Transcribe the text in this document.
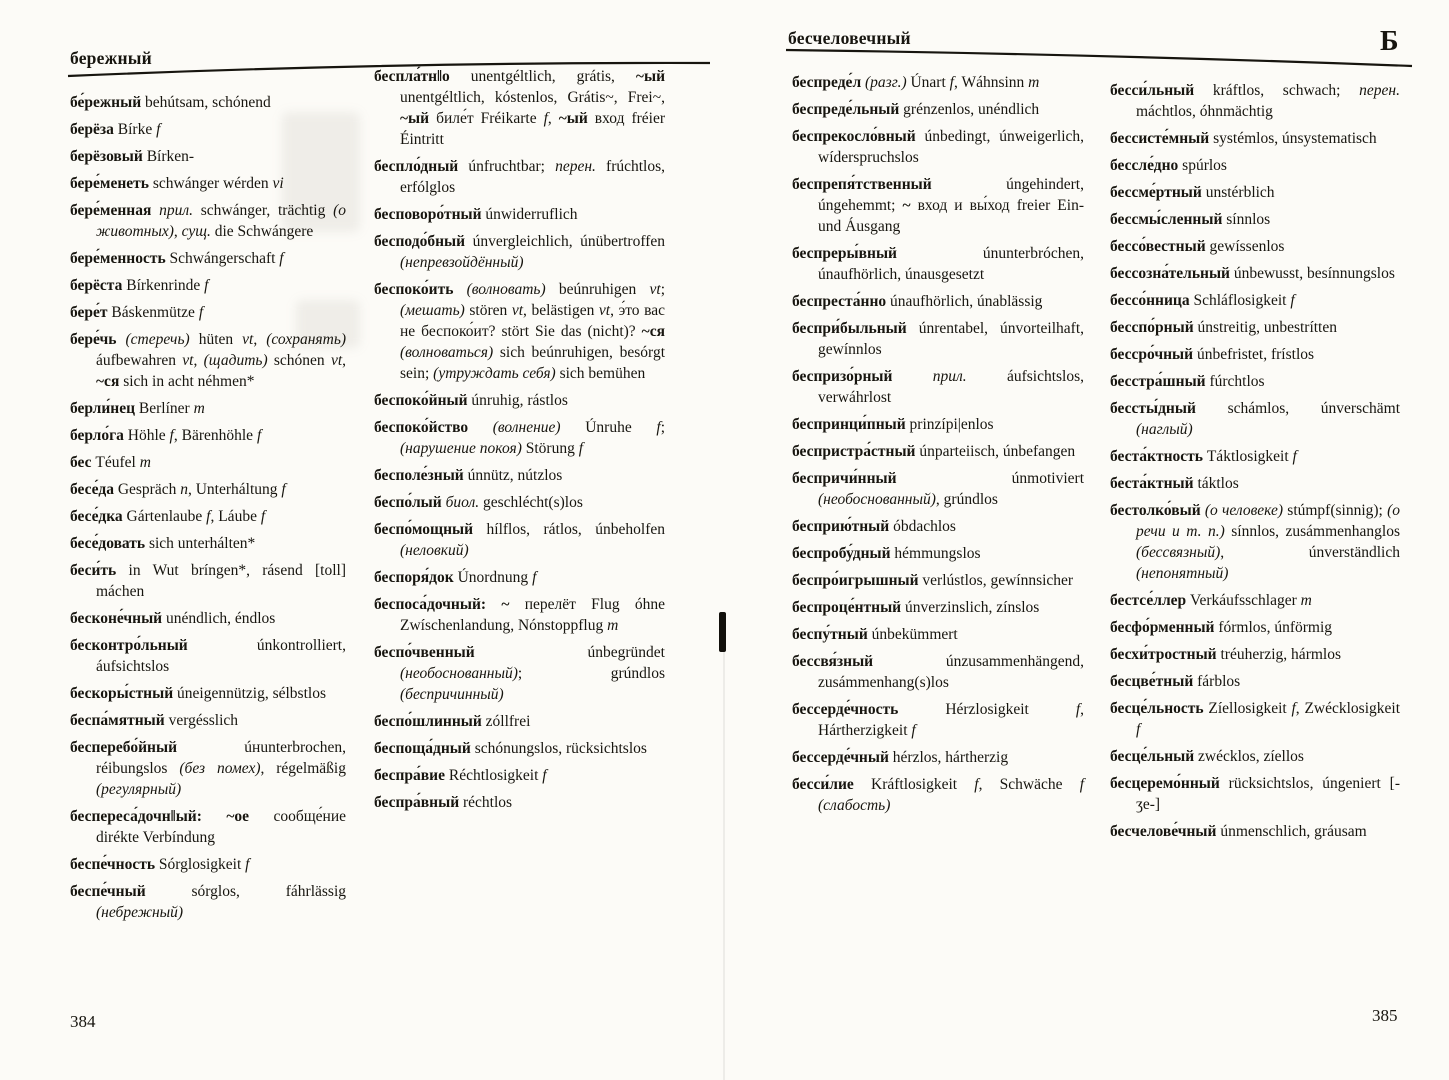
бережный
бесчеловечный	Б

бе́режный behútsam, schónend

берёза Bírke f

берёзовый Bírken-

бере́менеть schwánger wérden vi

бере́менная прил. schwánger, trächtig (о животных), сущ. die Schwángere

бере́менность Schwángerschaft f

берёста Bírkenrinde f

бере́т Báskenmütze f

бере́чь (стеречь) hüten vt, (сохранять) áufbewahren vt, (щадить) schónen vt, ~ся sich in acht néhmen*

берли́нец Berlíner m

берло́га Höhle f, Bärenhöhle f

бес Téufel m

бесе́да Gespräch n, Unterháltung f

бесе́дка Gártenlaube f, Láube f

бесе́довать sich unterhálten*

беси́ть in Wut bríngen*, rásend [toll] máchen

бесконе́чный unéndlich, éndlos

бесконтро́льный	únkontrolliert, áufsichtslos

бескоры́стный úneigennützig, sélbstlos

беспа́мятный vergésslich

бесперебо́йный	úнunterbrochen, réibungslos (без помех), régelmäßig (регулярный)

беспереса́дочн‖ый: ~ое сообще́ние dirékte Verbíndung

беспе́чность Sórglosigkeit f

беспе́чный	sórglos, fáhrlässig (небрежный)

беспла́тн‖о unentgéltlich, grátis, ~ый unentgéltlich, kóstenlos, Grátis~, Frei~, ~ый биле́т Fréikarte f, ~ый вход fréier Éintritt

беспло́дный únfruchtbar; перен. frúchtlos, erfólglos

бесповоро́тный únwiderruflich

бесподо́бный únvergleichlich, únübertroffen (непревзойдённый)

беспоко́ить (волновать) beúnruhigen vt; (мешать) stören vt, belästigen vt, э́то вас не беспоко́ит? stört Sie das (nicht)? ~ся (волноваться) sich beúnruhigen, besórgt sein; (утруждать себя) sich bemühen

беспоко́йный únruhig, rástlos

беспоко́йство (волнение) Únruhe f; (нарушение покоя) Störung f

бесполе́зный únnütz, nútzlos

беспо́лый биол. geschlécht(s)los

беспо́мощный hílflos, rátlos, únbeholfen (неловкий)

беспоря́док Únordnung f

беспоса́дочный: ~ перелёт Flug óhne Zwíschenlandung, Nónstoppflug m

беспо́чвенный	únbegründet (необоснованный); grúndlos (беспричинный)

беспо́шлинный zóllfrei

беспоща́дный schónungslos, rücksichtslos

беспра́вие Réchtlosigkeit f

беспра́вный réchtlos

беспреде́л (разг.) Únart f, Wáhnsinn m

беспреде́льный grénzenlos, unéndlich

беспрекосло́вный únbedingt, únweigerlich, wíderspruchslos

беспрепя́тственный	úngehindert, úngehemmt; ~ вход и вы́ход freier Ein- und Áusgang

беспреры́вный	únunterbróchen, únaufhörlich, únausgesetzt

беспреста́нно únaufhörlich, únablässig

беспри́быльный únrentabel, únvorteilhaft, gewínnlos

беспризо́рный	прил. áufsichtslos, verwáhrlost

беспринци́пный prinzípi|enlos

беспристра́стный únparteiisch, únbefangen

беспричи́нный	únmotiviert (необоснованный), grúndlos

бесприю́тный óbdachlos

беспробу́дный hémmungslos

беспро́игрышный verlústlos, gewínnsicher

беспроце́нтный únverzinslich, zínslos

беспу́тный únbekümmert

бессвя́зный	únzusammenhängend, zusámmenhang(s)los

бессерде́чность	Hérzlosigkeit f, Hártherzigkeit f

бессерде́чный hérzlos, hártherzig

бесси́лие Kráftlosigkeit f, Schwäche f (слабость)

бесси́льный kráftlos, schwach; перен. máchtlos, óhnmächtig

бессисте́мный systémlos, únsystematisch

бессле́дно spúrlos

бессме́ртный unstérblich

бессмы́сленный sínnlos

бессо́вестный gewíssenlos

бессозна́тельный únbewusst, besínnungslos

бессо́нница Schláflosigkeit f

бесспо́рный únstreitig, unbestrítten

бессро́чный únbefristet, frístlos

бесстра́шный fúrchtlos

бессты́дный schámlos, únverschämt (наглый)

беста́ктность Táktlosigkeit f

беста́ктный táktlos

бестолко́вый (о человеке) stúmpf(sinnig); (о речи и т. п.) sínnlos, zusámmenhanglos (бессвязный), únverständlich (непонятный)

бестсе́ллер Verkáufsschlager m

бесфо́рменный fórmlos, únförmig

бесхи́тростный tréuherzig, hármlos

бесцве́тный fárblos

бесце́льность Zíellosigkeit f, Zwécklosigkeit f

бесце́льный zwécklos, zíellos

бесцеремо́нный rücksichtslos, úngeniert [-ʒe-]

бесчелове́чный únmenschlich, gráusam

384	385
